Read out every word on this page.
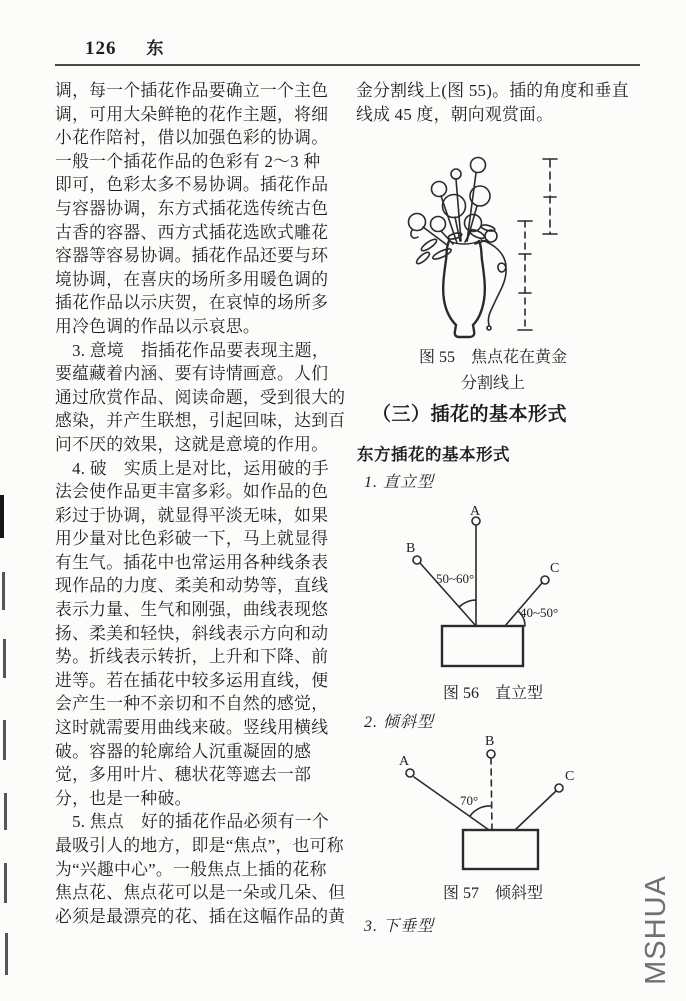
126 东
调，每一个插花作品要确立一个主色
调，可用大朵鲜艳的花作主题，将细
小花作陪衬，借以加强色彩的协调。
一般一个插花作品的色彩有 2～3 种
即可，色彩太多不易协调。插花作品
与容器协调，东方式插花选传统古色
古香的容器、西方式插花选欧式雕花
容器等容易协调。插花作品还要与环
境协调，在喜庆的场所多用暖色调的
插花作品以示庆贺，在哀悼的场所多
用冷色调的作品以示哀思。
　3. 意境　指插花作品要表现主题，
要蕴藏着内涵、要有诗情画意。人们
通过欣赏作品、阅读命题，受到很大的
感染，并产生联想，引起回味，达到百
问不厌的效果，这就是意境的作用。
　4. 破　实质上是对比，运用破的手
法会使作品更丰富多彩。如作品的色
彩过于协调，就显得平淡无味，如果
用少量对比色彩破一下，马上就显得
有生气。插花中也常运用各种线条表
现作品的力度、柔美和动势等，直线
表示力量、生气和刚强，曲线表现悠
扬、柔美和轻快，斜线表示方向和动
势。折线表示转折，上升和下降、前
进等。若在插花中较多运用直线，便
会产生一种不亲切和不自然的感觉，
这时就需要用曲线来破。竖线用横线
破。容器的轮廓给人沉重凝固的感
觉，多用叶片、穗状花等遮去一部
分，也是一种破。
　5. 焦点　好的插花作品必须有一个
最吸引人的地方，即是“焦点”，也可称
为“兴趣中心”。一般焦点上插的花称
焦点花、焦点花可以是一朵或几朵、但
必须是最漂亮的花、插在这幅作品的黄
金分割线上(图 55)。插的角度和垂直
线成 45 度，朝向观赏面。
图 55　焦点花在黄金
分割线上
（三）插花的基本形式
东方插花的基本形式
1. 直立型
A
B
C
50~60°
40~50°
图 56　直立型
2. 倾斜型
B
A
C
70°
图 57　倾斜型
3. 下垂型	MSHUA
